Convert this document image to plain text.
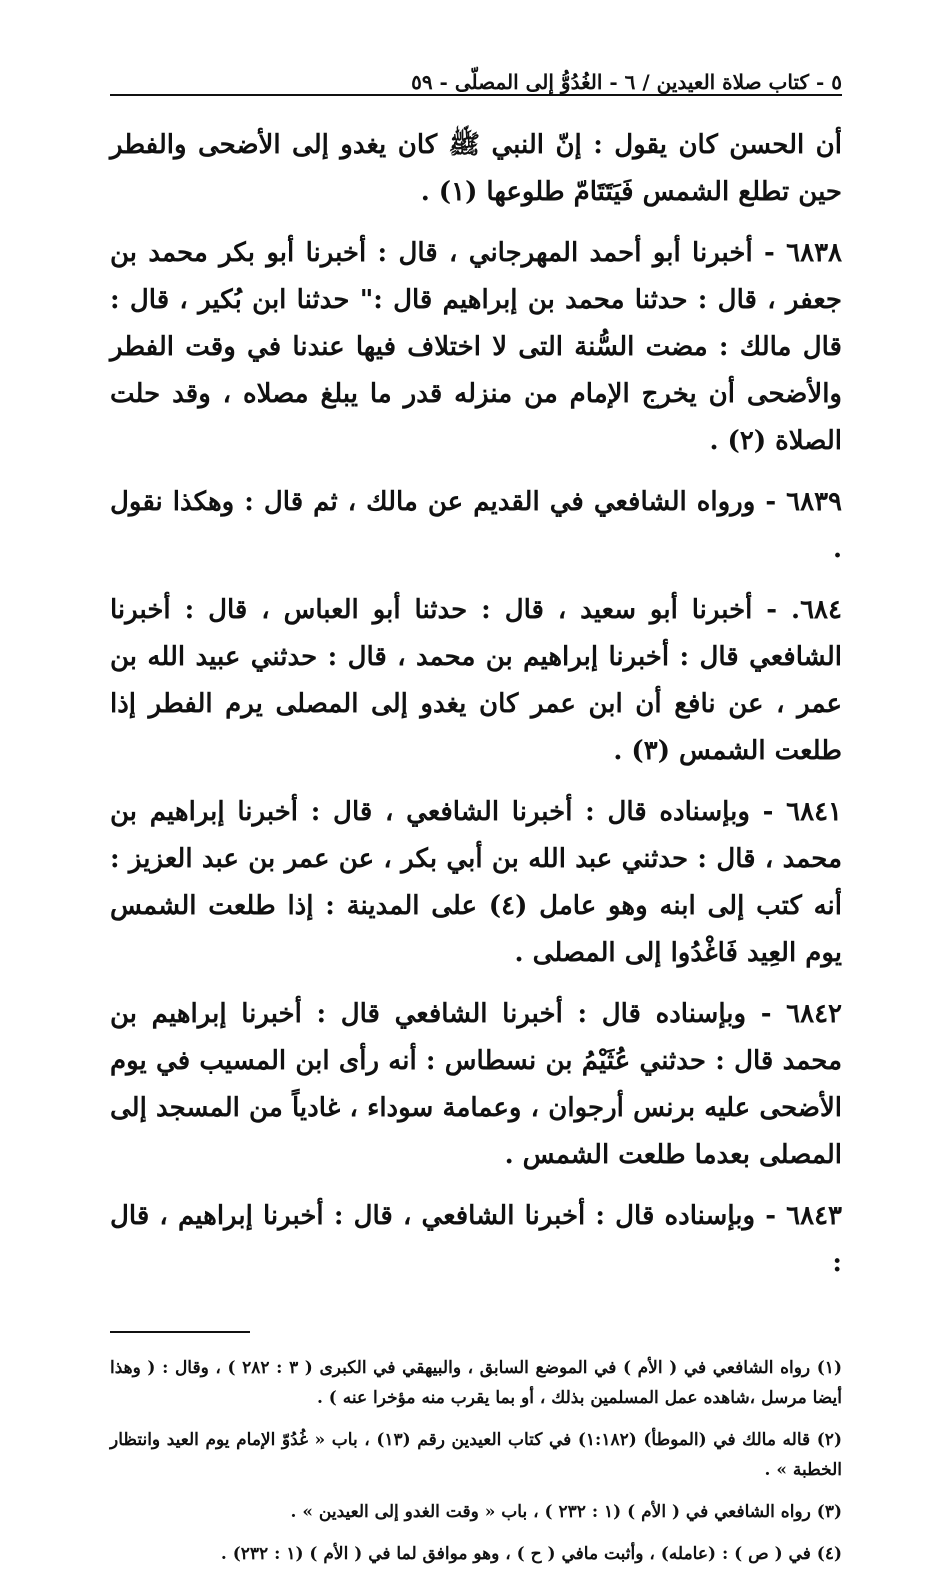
٥ - كتاب صلاة العيدين / ٦ - الغُدُوُّ إلى المصلّى - ٥٩

أن الحسن كان يقول : إنّ النبي ﷺ كان يغدو إلى الأضحى والفطر حين تطلع الشمس فَيَتَتَامّ طلوعها (١) .

٦٨٣٨ - أخبرنا أبو أحمد المهرجاني ، قال : أخبرنا أبو بكر محمد بن جعفر ، قال : حدثنا محمد بن إبراهيم قال :" حدثنا ابن بُكير ، قال : قال مالك : مضت السُّنة التى لا اختلاف فيها عندنا في وقت الفطر والأضحى أن يخرج الإمام من منزله قدر ما يبلغ مصلاه ، وقد حلت الصلاة (٢) .

٦٨٣٩ - ورواه الشافعي في القديم عن مالك ، ثم قال : وهكذا نقول .

٦٨٤. - أخبرنا أبو سعيد ، قال : حدثنا أبو العباس ، قال : أخبرنا الشافعي قال : أخبرنا إبراهيم بن محمد ، قال : حدثني عبيد الله بن عمر ، عن نافع أن ابن عمر كان يغدو إلى المصلى يرم الفطر إذا طلعت الشمس (٣) .

٦٨٤١ - وبإسناده قال : أخبرنا الشافعي ، قال : أخبرنا إبراهيم بن محمد ، قال : حدثني عبد الله بن أبي بكر ، عن عمر بن عبد العزيز : أنه كتب إلى ابنه وهو عامل (٤) على المدينة : إذا طلعت الشمس يوم العِيد فَاغْدُوا إلى المصلى .

٦٨٤٢ - وبإسناده قال : أخبرنا الشافعي قال : أخبرنا إبراهيم بن محمد قال : حدثني عُثَيْمُ بن نسطاس : أنه رأى ابن المسيب في يوم الأضحى عليه برنس أرجوان ، وعمامة سوداء ، غادياً من المسجد إلى المصلى بعدما طلعت الشمس .

٦٨٤٣ - وبإسناده قال : أخبرنا الشافعي ، قال : أخبرنا إبراهيم ، قال :

(١) رواه الشافعي في ( الأم ) في الموضع السابق ، والبيهقي في الكبرى ( ٣ : ٢٨٢ ) ، وقال : ( وهذا أيضا مرسل ،شاهده عمل المسلمين بذلك ، أو بما يقرب منه مؤخرا عنه ) .

(٢) قاله مالك في (الموطأ) (١:١٨٢) في كتاب العيدين رقم (١٣) ، باب « غُدُوّ الإمام يوم العيد وانتظار الخطبة » .

(٣) رواه الشافعي في ( الأم ) (١ : ٢٣٢ ) ، باب « وقت الغدو إلى العيدين » .

(٤) في ( ص ) : (عامله) ، وأثبت مافي ( ح ) ، وهو موافق لما في ( الأم ) (١ : ٢٣٢) .
